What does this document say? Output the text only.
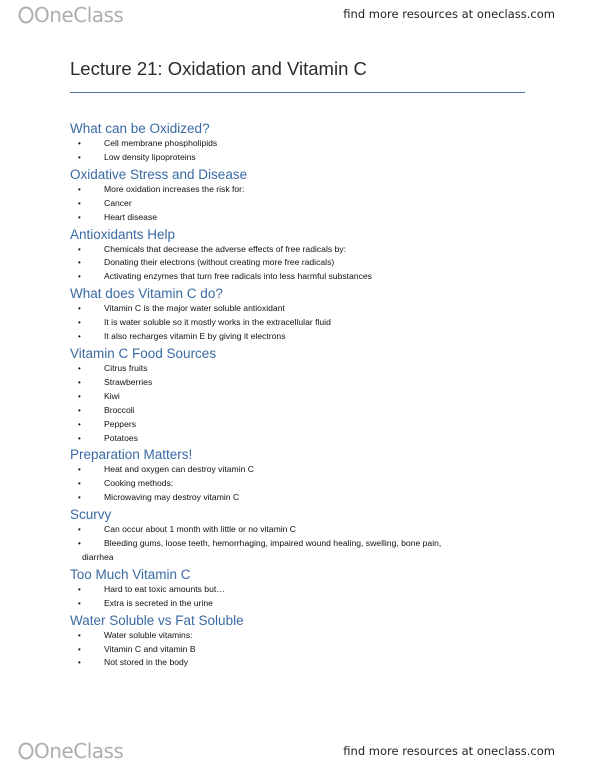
OneClass	find more resources at oneclass.com
Lecture 21: Oxidation and Vitamin C
What can be Oxidized?
•	Cell membrane phospholipids
•	Low density lipoproteins
Oxidative Stress and Disease
•	More oxidation increases the risk for:
•	Cancer
•	Heart disease
Antioxidants Help
•	Chemicals that decrease the adverse effects of free radicals by:
•	Donating their electrons (without creating more free radicals)
•	Activating enzymes that turn free radicals into less harmful substances
What does Vitamin C do?
•	Vitamin C is the major water soluble antioxidant
•	It is water soluble so it mostly works in the extracellular fluid
•	It also recharges vitamin E by giving it electrons
Vitamin C Food Sources
•	Citrus fruits
•	Strawberries
•	Kiwi
•	Broccoli
•	Peppers
•	Potatoes
Preparation Matters!
•	Heat and oxygen can destroy vitamin C
•	Cooking methods:
•	Microwaving may destroy vitamin C
Scurvy
•	Can occur about 1 month with little or no vitamin C
•	Bleeding gums, loose teeth, hemorrhaging, impaired wound healing, swelling, bone pain,
diarrhea
Too Much Vitamin C
•	Hard to eat toxic amounts but…
•	Extra is secreted in the urine
Water Soluble vs Fat Soluble
•	Water soluble vitamins:
•	Vitamin C and vitamin B
•	Not stored in the body
OneClass	find more resources at oneclass.com
